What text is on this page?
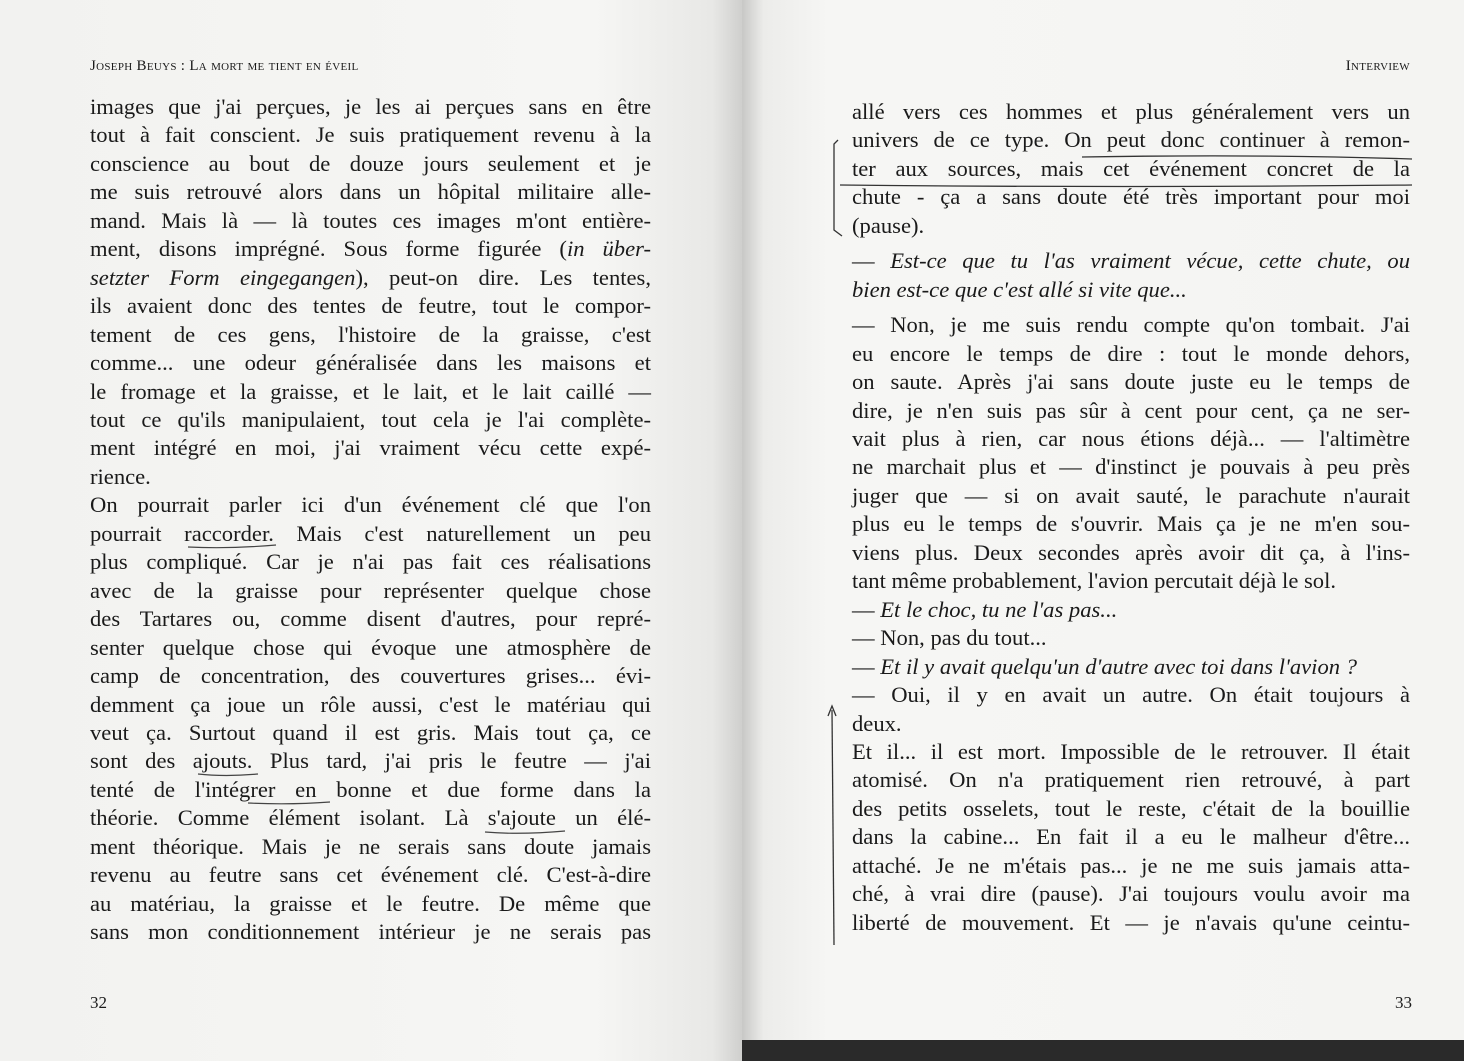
Joseph Beuys : La mort me tient en éveil
images que j'ai perçues, je les ai perçues sans en être
tout à fait conscient. Je suis pratiquement revenu à la
conscience au bout de douze jours seulement et je
me suis retrouvé alors dans un hôpital militaire alle-
mand. Mais là — là toutes ces images m'ont entière-
ment, disons imprégné. Sous forme figurée (in über-
setzter Form eingegangen), peut-on dire. Les tentes,
ils avaient donc des tentes de feutre, tout le compor-
tement de ces gens, l'histoire de la graisse, c'est
comme... une odeur généralisée dans les maisons et
le fromage et la graisse, et le lait, et le lait caillé —
tout ce qu'ils manipulaient, tout cela je l'ai complète-
ment intégré en moi, j'ai vraiment vécu cette expé-
rience.
On pourrait parler ici d'un événement clé que l'on
pourrait raccorder. Mais c'est naturellement un peu
plus compliqué. Car je n'ai pas fait ces réalisations
avec de la graisse pour représenter quelque chose
des Tartares ou, comme disent d'autres, pour repré-
senter quelque chose qui évoque une atmosphère de
camp de concentration, des couvertures grises... évi-
demment ça joue un rôle aussi, c'est le matériau qui
veut ça. Surtout quand il est gris. Mais tout ça, ce
sont des ajouts. Plus tard, j'ai pris le feutre — j'ai
tenté de l'intégrer en bonne et due forme dans la
théorie. Comme élément isolant. Là s'ajoute un élé-
ment théorique. Mais je ne serais sans doute jamais
revenu au feutre sans cet événement clé. C'est-à-dire
au matériau, la graisse et le feutre. De même que
sans mon conditionnement intérieur je ne serais pas
32
Interview
allé vers ces hommes et plus généralement vers un
univers de ce type. On peut donc continuer à remon-
ter aux sources, mais cet événement concret de la
chute - ça a sans doute été très important pour moi
(pause).
— Est-ce que tu l'as vraiment vécue, cette chute, ou
bien est-ce que c'est allé si vite que...
— Non, je me suis rendu compte qu'on tombait. J'ai
eu encore le temps de dire : tout le monde dehors,
on saute. Après j'ai sans doute juste eu le temps de
dire, je n'en suis pas sûr à cent pour cent, ça ne ser-
vait plus à rien, car nous étions déjà... — l'altimètre
ne marchait plus et — d'instinct je pouvais à peu près
juger que — si on avait sauté, le parachute n'aurait
plus eu le temps de s'ouvrir. Mais ça je ne m'en sou-
viens plus. Deux secondes après avoir dit ça, à l'ins-
tant même probablement, l'avion percutait déjà le sol.
— Et le choc, tu ne l'as pas...
— Non, pas du tout...
— Et il y avait quelqu'un d'autre avec toi dans l'avion ?
— Oui, il y en avait un autre. On était toujours à
deux.
Et il... il est mort. Impossible de le retrouver. Il était
atomisé. On n'a pratiquement rien retrouvé, à part
des petits osselets, tout le reste, c'était de la bouillie
dans la cabine... En fait il a eu le malheur d'être...
attaché. Je ne m'étais pas... je ne me suis jamais atta-
ché, à vrai dire (pause). J'ai toujours voulu avoir ma
liberté de mouvement. Et — je n'avais qu'une ceintu-
33
